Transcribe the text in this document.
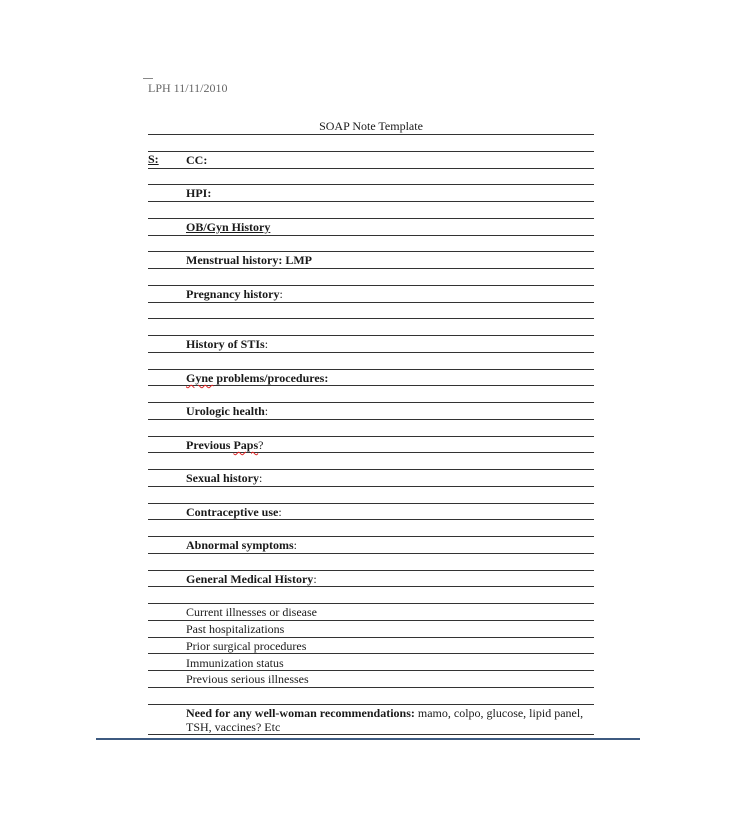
LPH 11/11/2010
SOAP Note Template
S: CC:
HPI:
OB/Gyn History
Menstrual history: LMP
Pregnancy history:
History of STIs:
Gyne problems/procedures:
Urologic health:
Previous Paps?
Sexual history:
Contraceptive use:
Abnormal symptoms:
General Medical History:
Current illnesses or disease
Past hospitalizations
Prior surgical procedures
Immunization status
Previous serious illnesses
Need for any well-woman recommendations: mamo, colpo, glucose, lipid panel, TSH, vaccines? Etc
